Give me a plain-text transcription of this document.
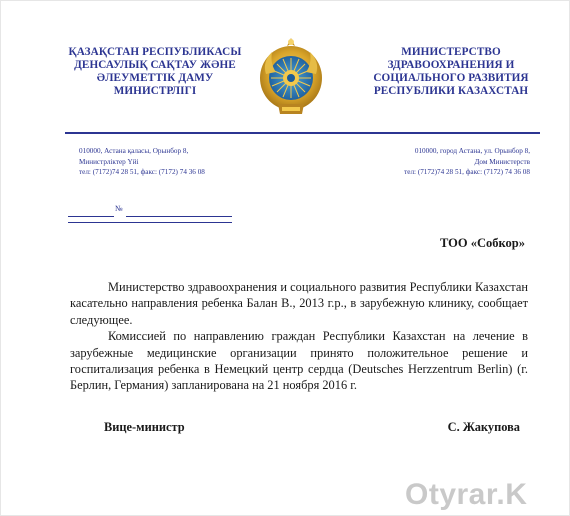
ҚАЗАҚСТАН РЕСПУБЛИКАСЫ
ДЕНСАУЛЫҚ САҚТАУ ЖӘНЕ
ӘЛЕУМЕТТІК ДАМУ
МИНИСТРЛІГІ
МИНИСТЕРСТВО
ЗДРАВООХРАНЕНИЯ И
СОЦИАЛЬНОГО РАЗВИТИЯ
РЕСПУБЛИКИ КАЗАХСТАН
010000, Астана қаласы, Орынбор 8,
Министрліктер Үйі
тел: (7172)74 28 51, факс: (7172) 74 36 08
010000, город Астана, ул. Орынбор 8,
Дом Министерств
тел: (7172)74 28 51, факс: (7172) 74 36 08
№
ТОО «Собкор»

Министерство здравоохранения и социального развития Республики Казахстан касательно направления ребенка Балан В., 2013 г.р., в зарубежную клинику, сообщает следующее.

Комиссией по направлению граждан Республики Казахстан на лечение в зарубежные медицинские организации принято положительное решение и госпитализация ребенка в Немецкий центр сердца (Deutsches Herzzentrum Berlin) (г. Берлин, Германия) запланирована на 21 ноября 2016 г.

Вице-министр	С. Жакупова
Otyrar.K
